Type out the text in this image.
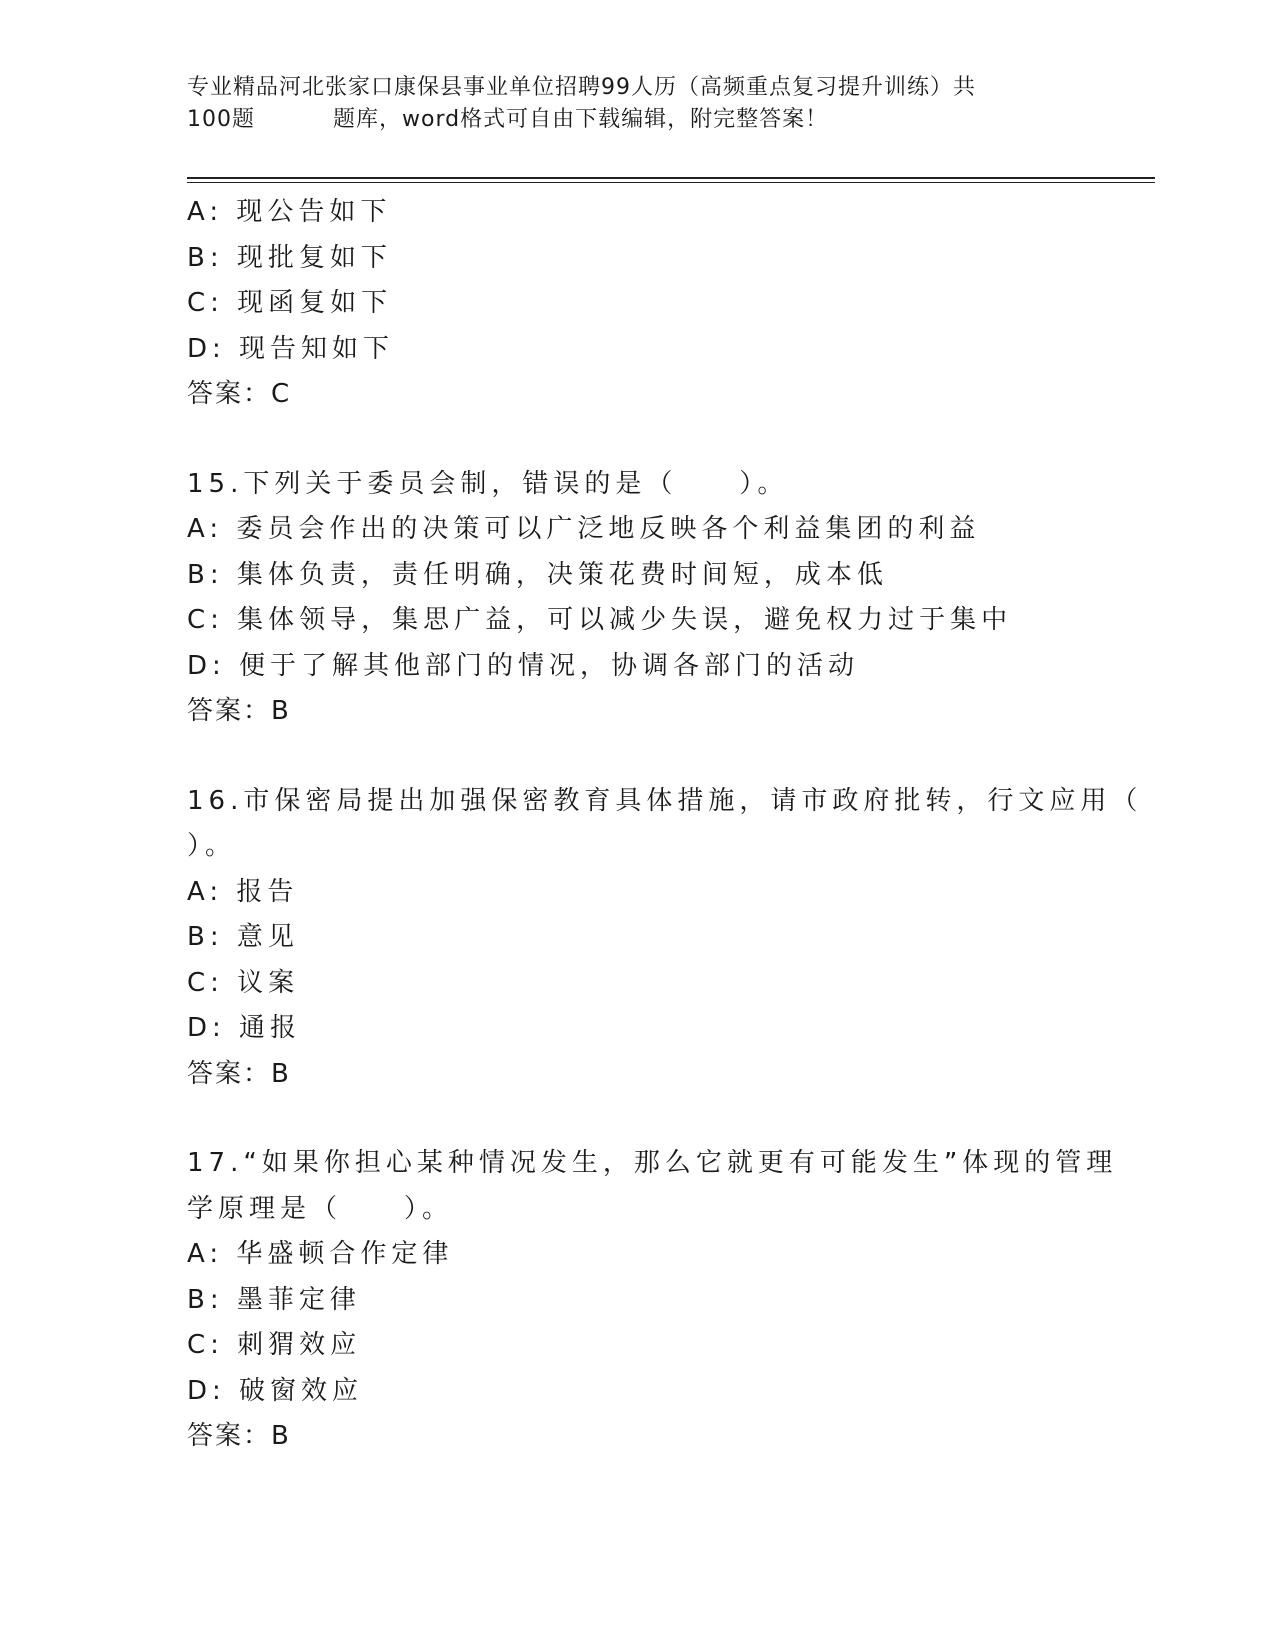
专业精品河北张家口康保县事业单位招聘99人历（高频重点复习提升训练）共
100题	题库，word格式可自由下载编辑，附完整答案！
A: 现公告如下
B: 现批复如下
C: 现函复如下
D: 现告知如下
答案：C
15.下列关于委员会制，错误的是（　　）。
A: 委员会作出的决策可以广泛地反映各个利益集团的利益
B: 集体负责，责任明确，决策花费时间短，成本低
C: 集体领导，集思广益，可以减少失误，避免权力过于集中
D: 便于了解其他部门的情况，协调各部门的活动
答案：B
16.市保密局提出加强保密教育具体措施，请市政府批转，行文应用（
）。
A: 报告
B: 意见
C: 议案
D: 通报
答案：B
17.“如果你担心某种情况发生，那么它就更有可能发生”体现的管理
学原理是（　　）。
A: 华盛顿合作定律
B: 墨菲定律
C: 刺猬效应
D: 破窗效应
答案：B
